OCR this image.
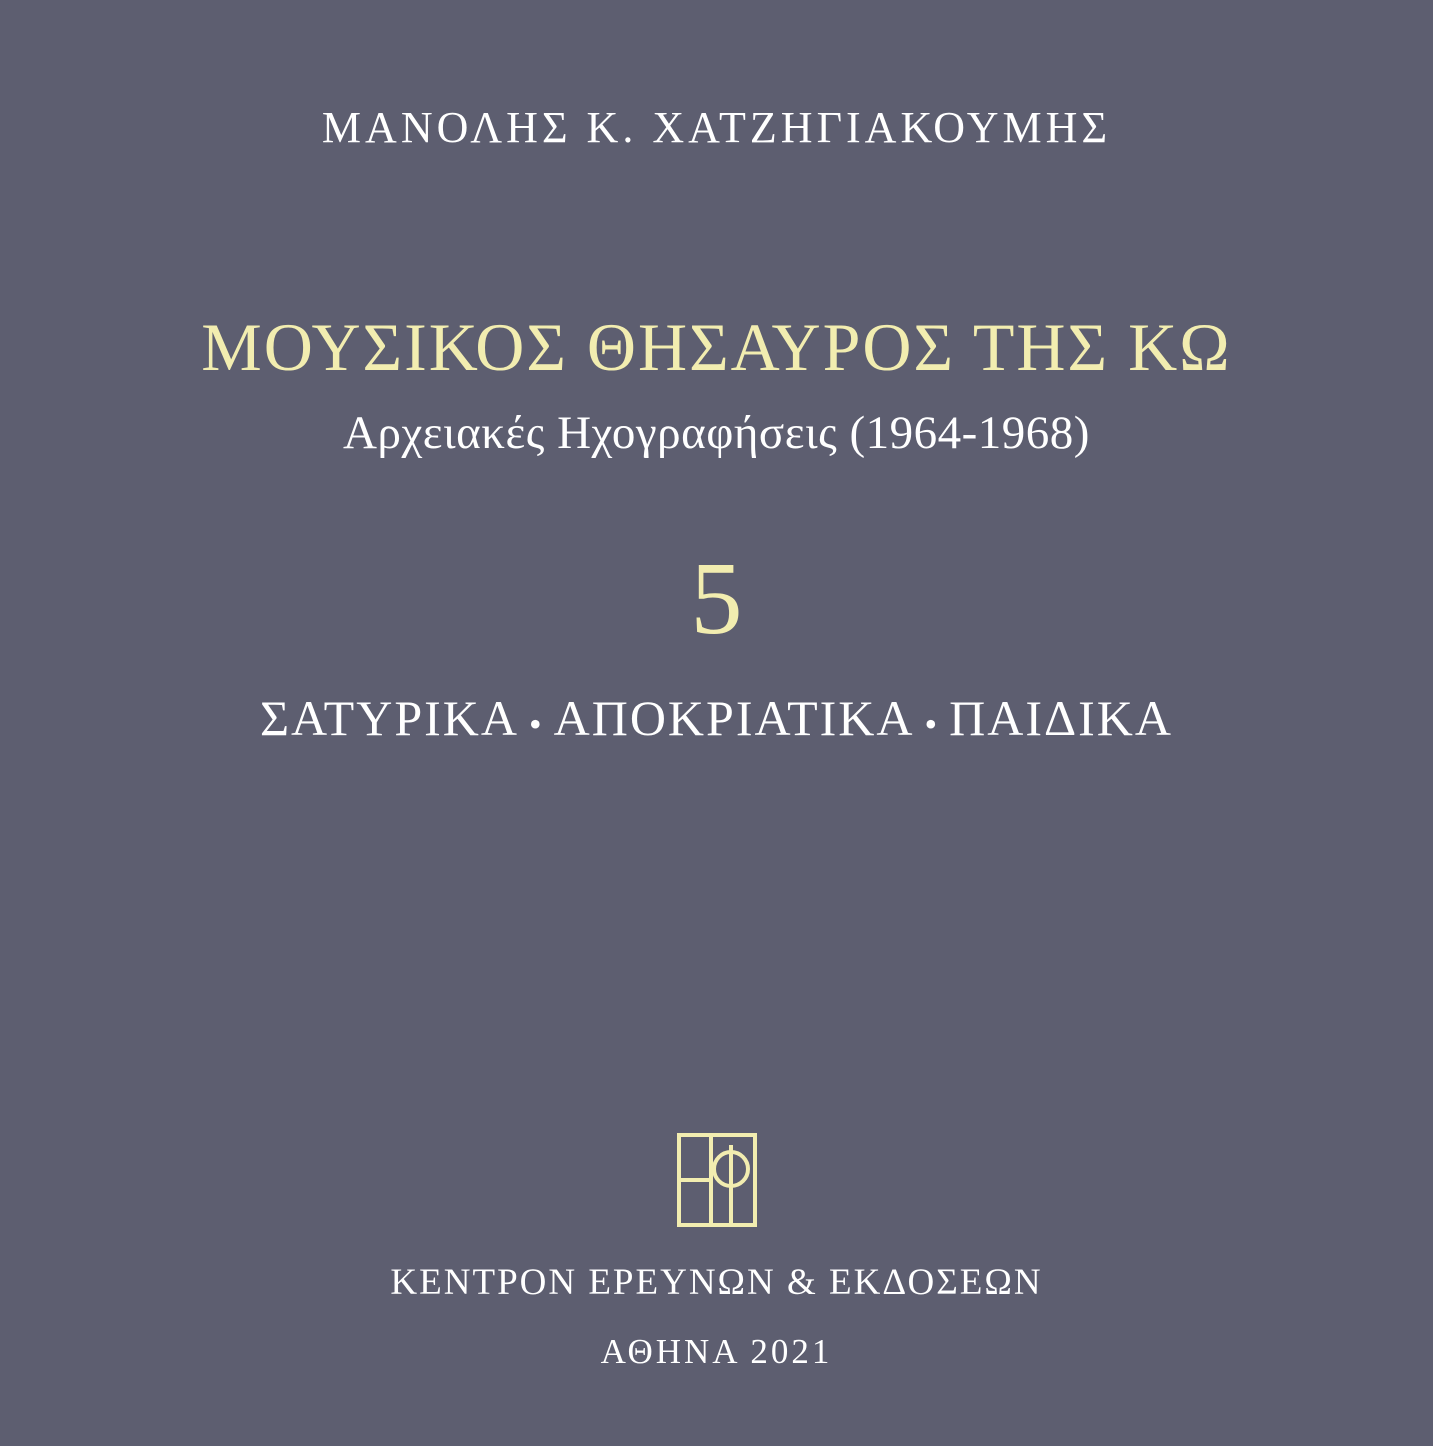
ΜΑΝΟΛΗΣ Κ. ΧΑΤΖΗΓΙΑΚΟΥΜΗΣ
ΜΟΥΣΙΚΟΣ ΘΗΣΑΥΡΟΣ ΤΗΣ ΚΩ
Αρχειακές Ηχογραφήσεις (1964-1968)
5
ΣΑΤΥΡΙΚΑ • ΑΠΟΚΡΙΑΤΙΚΑ • ΠΑΙΔΙΚΑ
ΚΕΝΤΡΟΝ ΕΡΕΥΝΩΝ & ΕΚΔΟΣΕΩΝ
ΑΘΗΝΑ 2021
